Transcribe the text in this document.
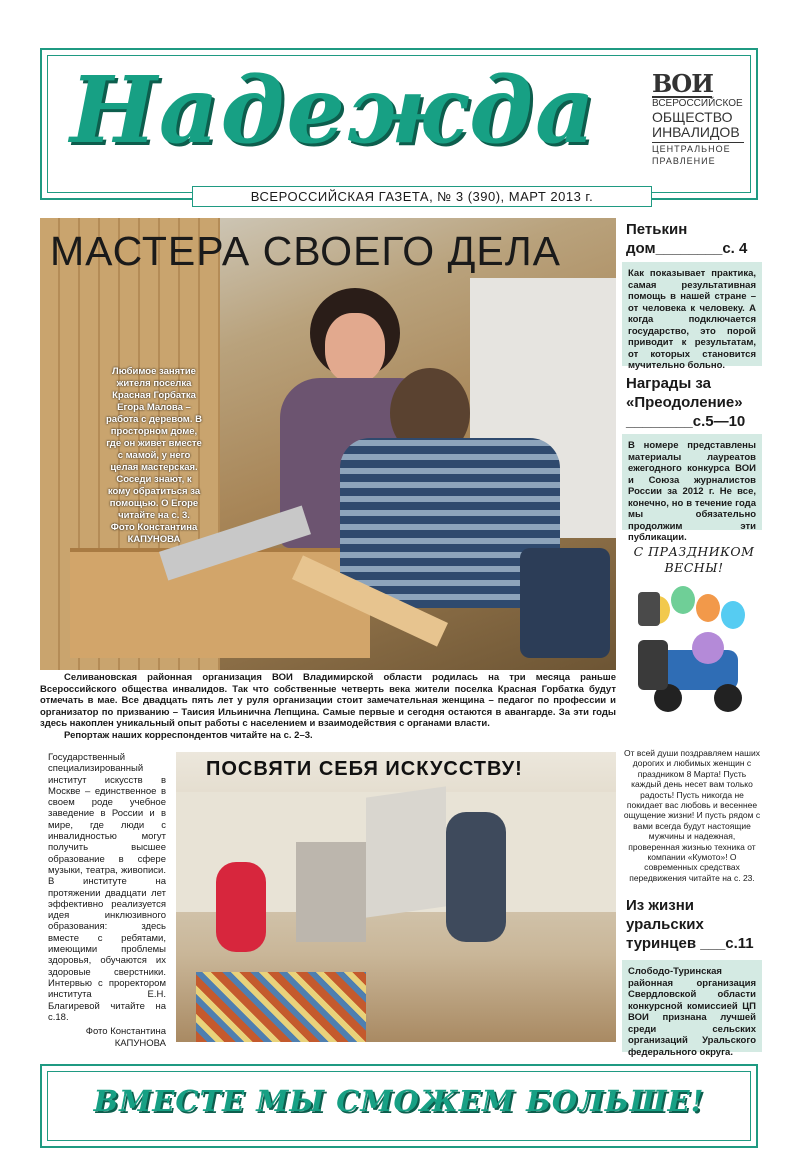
Надежда ВОИ
ВСЕРОССИЙСКОЕ
ОБЩЕСТВО
ИНВАЛИДОВ
ЦЕНТРАЛЬНОЕ
ПРАВЛЕНИЕ
ВСЕРОССИЙСКАЯ ГАЗЕТА, № 3 (390), МАРТ 2013 г.
МАСТЕРА СВОЕГО ДЕЛА
Любимое занятие жителя поселка Красная Горбатка Егора Малова – работа с деревом. В просторном доме, где он живет вместе с мамой, у него целая мастерская. Соседи знают, к кому обратиться за помощью. О Егоре читайте на с. 3.
Фото Константина КАПУНОВА
Селивановская районная организация ВОИ Владимирской области родилась на три месяца раньше Всероссийского общества инвалидов. Так что собственные четверть века жители поселка Красная Горбатка будут отмечать в мае. Все двадцать пять лет у руля организации стоит замечательная женщина – педагог по профессии и организатор по призванию – Таисия Ильинична Лепщина. Самые первые и сегодня остаются в авангарде. За эти годы здесь накоплен уникальный опыт работы с населением и взаимодействия с органами власти.
Репортаж наших корреспондентов читайте на с. 2–3.
Петькин дом________с. 4
Как показывает практика, самая результативная помощь в нашей стране – от человека к человеку. А когда подключается государство, это порой приводит к результатам, от которых становится мучительно больно.
Награды за «Преодоление» ________с.5—10
В номере представлены материалы лауреатов ежегодного конкурса ВОИ и Союза журналистов России за 2012 г. Не все, конечно, но в течение года мы обязательно продолжим эти публикации.
С ПРАЗДНИКОМ ВЕСНЫ!
От всей души поздравляем наших дорогих и любимых женщин с праздником 8 Марта! Пусть каждый день несет вам только радость! Пусть никогда не покидает вас любовь и весеннее ощущение жизни! И пусть рядом с вами всегда будут настоящие мужчины и надежная, проверенная жизнью техника от компании «Кумото»! О современных средствах передвижения читайте на с. 23.
Из жизни уральских туринцев ___с.11
Слободо-Туринская районная организация Свердловской области конкурсной комиссией ЦП ВОИ признана лучшей среди сельских организаций Уральского федерального округа.
Государственный специализированный институт искусств в Москве – единственное в своем роде учебное заведение в России и в мире, где люди с инвалидностью могут получить высшее образование в сфере музыки, театра, живописи. В институте на протяжении двадцати лет эффективно реализуется идея инклюзивного образования: здесь вместе с ребятами, имеющими проблемы здоровья, обучаются их здоровые сверстники. Интервью с проректором института Е.Н. Благиревой читайте на с.18.
Фото Константина КАПУНОВА
ПОСВЯТИ СЕБЯ ИСКУССТВУ!
ВМЕСТЕ МЫ СМОЖЕМ БОЛЬШЕ!
